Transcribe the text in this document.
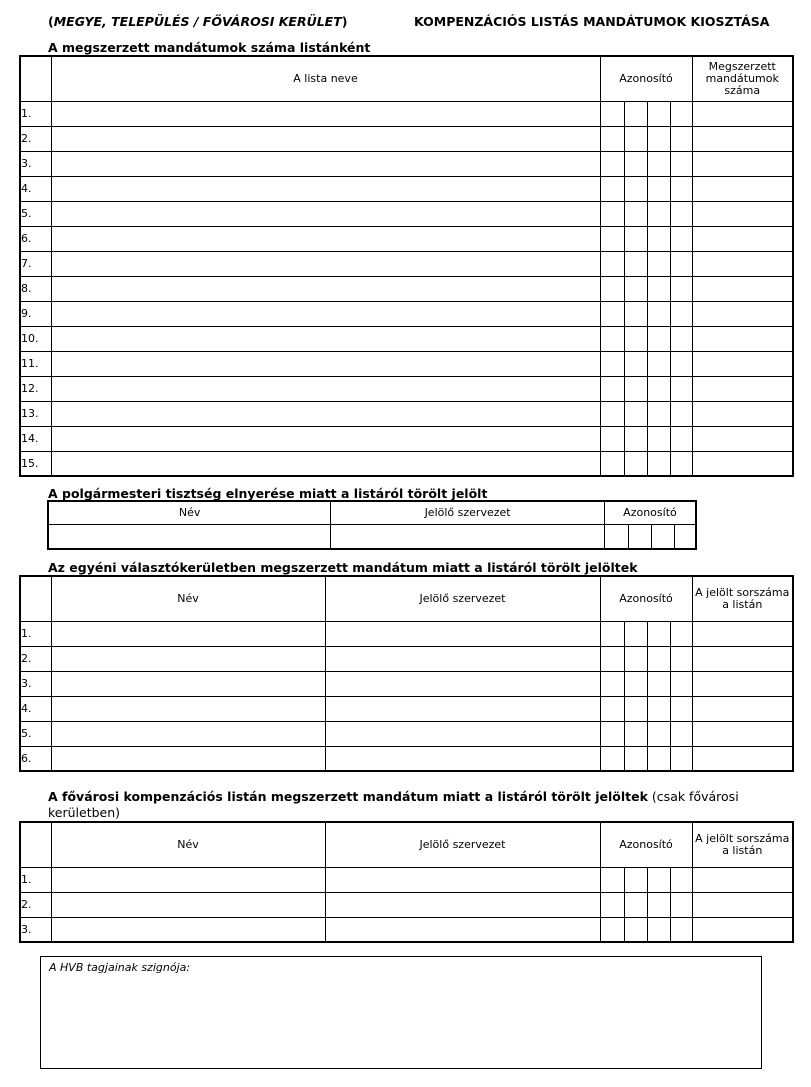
(MEGYE, TELEPÜLÉS / FŐVÁROSI KERÜLET)	KOMPENZÁCIÓS LISTÁS MANDÁTUMOK KIOSZTÁSA
A megszerzett mandátumok száma listánként
	A lista neve	Azonosító				Megszerzett mandátumok száma
1.						
2.						
3.						
4.						
5.						
6.						
7.						
8.						
9.						
10.						
11.						
12.						
13.						
14.						
15.						
A polgármesteri tisztség elnyerése miatt a listáról törölt jelölt
Név	Jelölő szervezet	Azonosító			

Az egyéni választókerületben megszerzett mandátum miatt a listáról törölt jelöltek
	Név	Jelölő szervezet	Azonosító				A jelölt sorszáma a listán
1.							
2.							
3.							
4.							
5.							
6.							
A fővárosi kompenzációs listán megszerzett mandátum miatt a listáról törölt jelöltek (csak fővárosi
kerületben)
	Név	Jelölő szervezet	Azonosító				A jelölt sorszáma a listán
1.							
2.							
3.							
A HVB tagjainak szignója:
